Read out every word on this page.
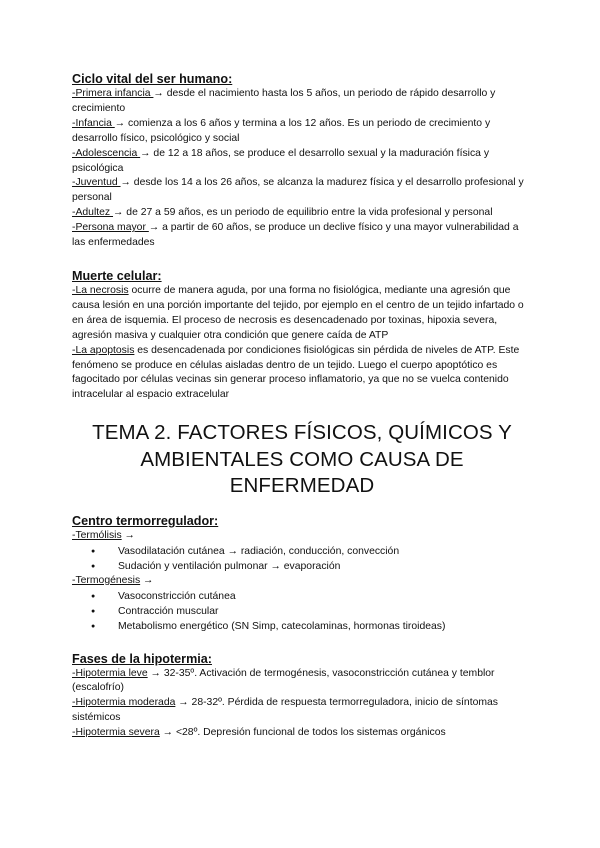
Ciclo vital del ser humano:

-Primera infancia → desde el nacimiento hasta los 5 años, un periodo de rápido desarrollo y crecimiento

-Infancia → comienza a los 6 años y termina a los 12 años. Es un periodo de crecimiento y desarrollo físico, psicológico y social

-Adolescencia → de 12 a 18 años, se produce el desarrollo sexual y la maduración física y psicológica

-Juventud → desde los 14 a los 26 años, se alcanza la madurez física y el desarrollo profesional y personal

-Adultez → de 27 a 59 años, es un periodo de equilibrio entre la vida profesional y personal

-Persona mayor → a partir de 60 años, se produce un declive físico y una mayor vulnerabilidad a las enfermedades

Muerte celular:

-La necrosis ocurre de manera aguda, por una forma no fisiológica, mediante una agresión que causa lesión en una porción importante del tejido, por ejemplo en el centro de un tejido infartado o en área de isquemia. El proceso de necrosis es desencadenado por toxinas, hipoxia severa, agresión masiva y cualquier otra condición que genere caída de ATP

-La apoptosis es desencadenada por condiciones fisiológicas sin pérdida de niveles de ATP. Este fenómeno se produce en células aisladas dentro de un tejido. Luego el cuerpo apoptótico es fagocitado por células vecinas sin generar proceso inflamatorio, ya que no se vuelca contenido intracelular al espacio extracelular

TEMA 2. FACTORES FÍSICOS, QUÍMICOS Y AMBIENTALES COMO CAUSA DE ENFERMEDAD

Centro termorregulador:

-Termólisis →

● Vasodilatación cutánea → radiación, conducción, convección
● Sudación y ventilación pulmonar → evaporación

-Termogénesis →

● Vasoconstricción cutánea
● Contracción muscular
● Metabolismo energético (SN Simp, catecolaminas, hormonas tiroideas)

Fases de la hipotermia:

-Hipotermia leve → 32-35º. Activación de termogénesis, vasoconstricción cutánea y temblor (escalofrío)

-Hipotermia moderada → 28-32º. Pérdida de respuesta termorreguladora, inicio de síntomas sistémicos

-Hipotermia severa → <28º. Depresión funcional de todos los sistemas orgánicos
